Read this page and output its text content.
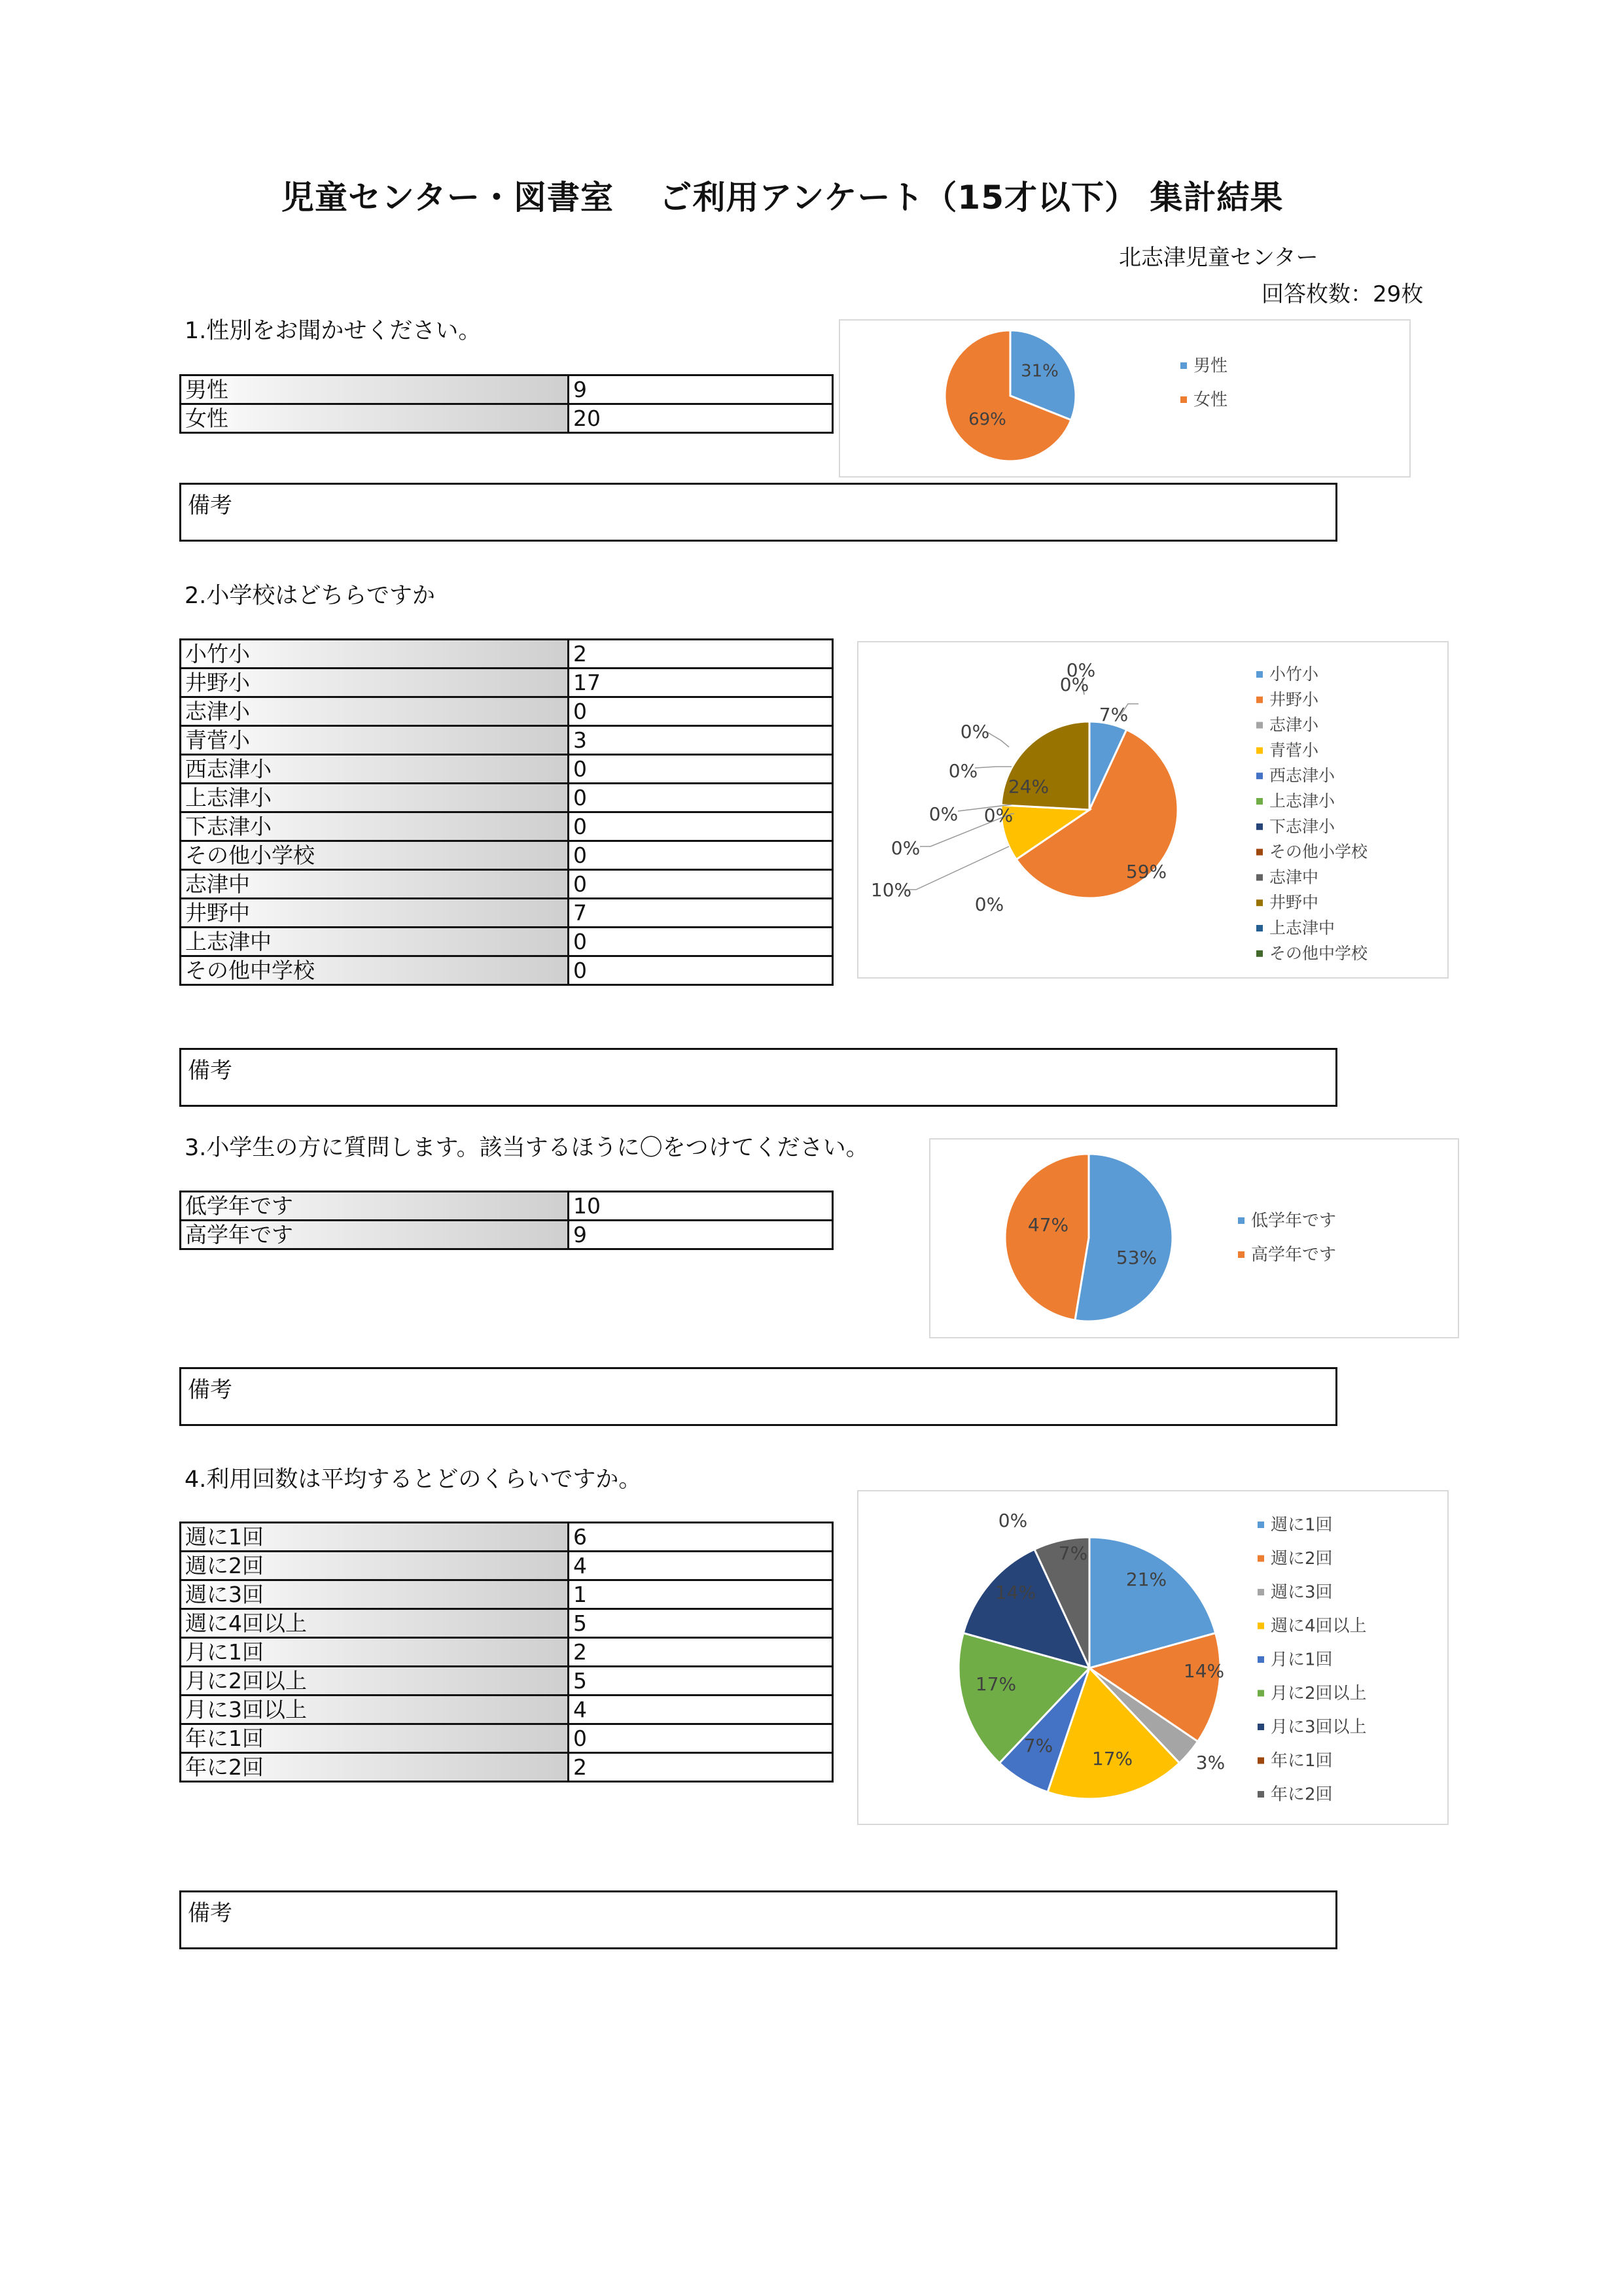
児童センター・図書室　 ご利用アンケート（15才以下） 集計結果
北志津児童センター
回答枚数：29枚
1.性別をお聞かせください。
男性	9
女性	20
31%
69%
男性
女性
備考
2.小学校はどちらですか
小竹小	2
井野小	17
志津小	0
青菅小	3
西志津小	0
上志津小	0
下志津小	0
その他小学校	0
志津中	0
井野中	7
上志津中	0
その他中学校	0
7%
59%
0%
10%
0%
0%
0%
0%
0%
24%
0%
0%	小竹小
井野小
志津小
青菅小
西志津小
上志津小
下志津小
その他小学校
志津中
井野中
上志津中
その他中学校
備考
3.小学生の方に質問します。該当するほうに〇をつけてください。
低学年です	10
高学年です	9
53%
47%	低学年です
高学年です
備考
4.利用回数は平均するとどのくらいですか。
週に1回	6
週に2回	4
週に3回	1
週に4回以上	5
月に1回	2
月に2回以上	5
月に3回以上	4
年に1回	0
年に2回	2
21%
14%
3%
17%
7%
17%
14%
0%
7%
週に1回
週に2回
週に3回
週に4回以上
月に1回
月に2回以上
月に3回以上
年に1回
年に2回
備考
